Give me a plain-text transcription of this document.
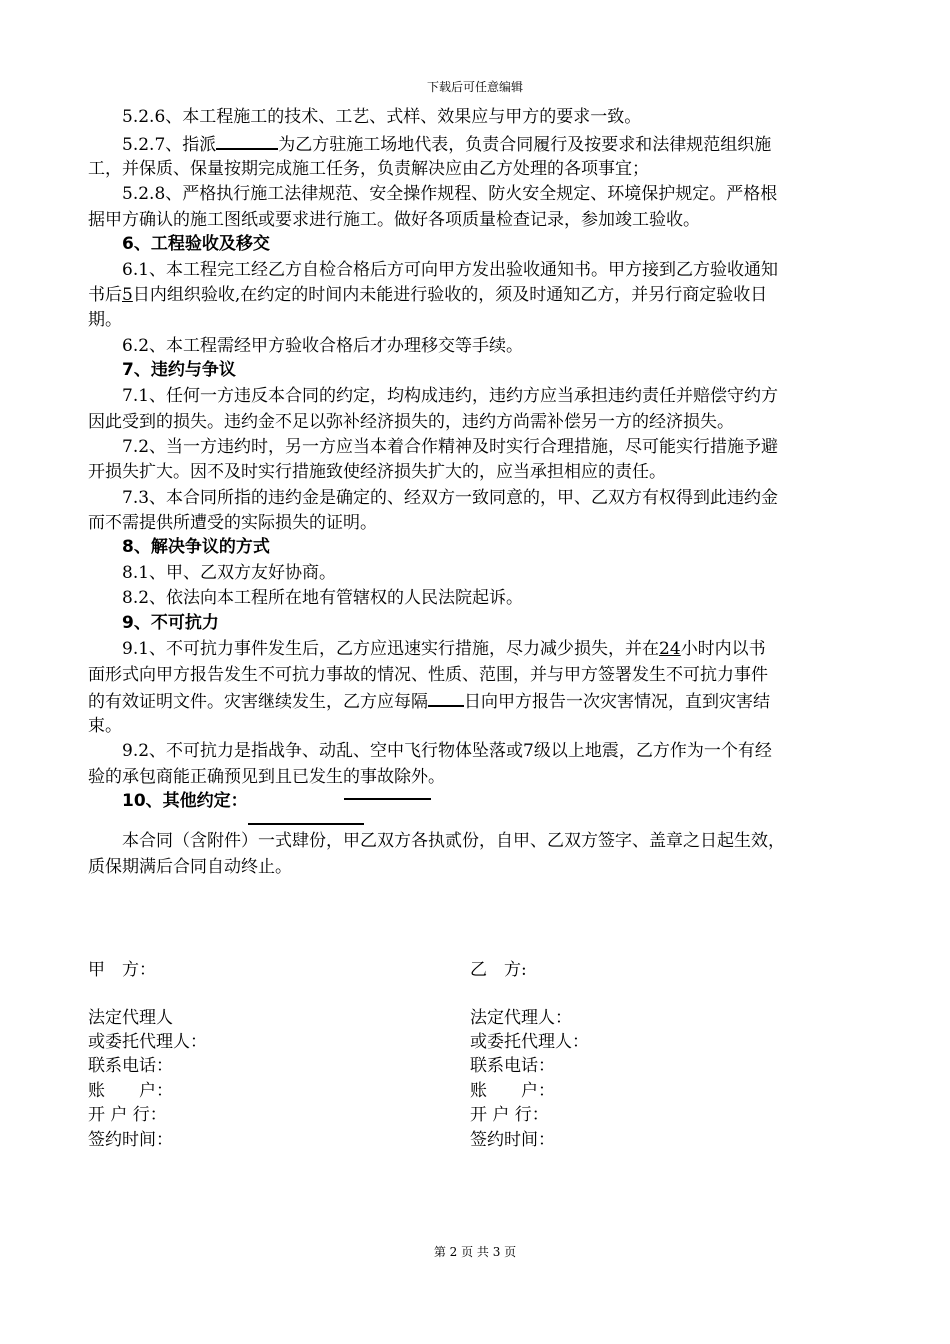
下载后可任意编辑
5.2.6、本工程施工的技术、工艺、式样、效果应与甲方的要求一致。
5.2.7、指派	为乙方驻施工场地代表，负责合同履行及按要求和法律规范组织施
工，并保质、保量按期完成施工任务，负责解决应由乙方处理的各项事宜；
5.2.8、严格执行施工法律规范、安全操作规程、防火安全规定、环境保护规定。严格根
据甲方确认的施工图纸或要求进行施工。做好各项质量检查记录，参加竣工验收。
6、工程验收及移交
6.1、本工程完工经乙方自检合格后方可向甲方发出验收通知书。甲方接到乙方验收通知
书后5日内组织验收,在约定的时间内未能进行验收的，须及时通知乙方，并另行商定验收日
期。
6.2、本工程需经甲方验收合格后才办理移交等手续。
7、违约与争议
7.1、任何一方违反本合同的约定，均构成违约，违约方应当承担违约责任并赔偿守约方
因此受到的损失。违约金不足以弥补经济损失的，违约方尚需补偿另一方的经济损失。
7.2、当一方违约时，另一方应当本着合作精神及时实行合理措施，尽可能实行措施予避
开损失扩大。因不及时实行措施致使经济损失扩大的，应当承担相应的责任。
7.3、本合同所指的违约金是确定的、经双方一致同意的，甲、乙双方有权得到此违约金
而不需提供所遭受的实际损失的证明。
8、解决争议的方式
8.1、甲、乙双方友好协商。
8.2、依法向本工程所在地有管辖权的人民法院起诉。
9、不可抗力
9.1、不可抗力事件发生后，乙方应迅速实行措施，尽力减少损失，并在24小时内以书
面形式向甲方报告发生不可抗力事故的情况、性质、范围，并与甲方签署发生不可抗力事件
的有效证明文件。灾害继续发生，乙方应每隔 日向甲方报告一次灾害情况，直到灾害结
束。
9.2、不可抗力是指战争、动乱、空中飞行物体坠落或7级以上地震，乙方作为一个有经
验的承包商能正确预见到且已发生的事故除外。
10、其他约定：
本合同（含附件）一式肆份，甲乙双方各执贰份，自甲、乙双方签字、盖章之日起生效，
质保期满后合同自动终止。
甲　方：
法定代理人
或委托代理人：
联系电话：
账　　户：
开 户 行：
签约时间：
乙　方:
法定代理人：
或委托代理人：
联系电话：
账　　户：
开 户 行：
签约时间：
第 2 页 共 3 页
